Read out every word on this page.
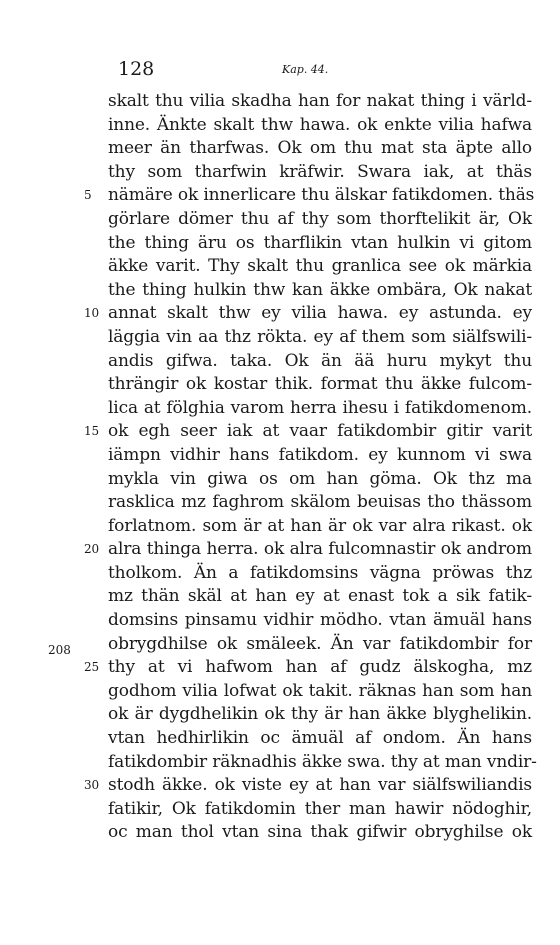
128	Kap. 44.
208
skalt thu vilia skadha han for nakat thing i värld-
inne. Änkte skalt thw hawa. ok enkte vilia hafwa
meer än tharfwas. Ok om thu mat sta äpte allo
thy som tharfwin kräfwir. Swara iak, at thäs
5 nämäre ok innerlicare thu älskar fatikdomen. thäs
görlare dömer thu af thy som thorftelikit är, Ok
the thing äru os tharflikin vtan hulkin vi gitom
äkke varit. Thy skalt thu granlica see ok märkia
the thing hulkin thw kan äkke ombära, Ok nakat
10 annat skalt thw ey vilia hawa. ey astunda. ey
läggia vin aa thz rökta. ey af them som siälfswili-
andis gifwa. taka. Ok än ää huru mykyt thu
thrängir ok kostar thik. format thu äkke fulcom-
lica at fölghia varom herra ihesu i fatikdomenom.
15 ok egh seer iak at vaar fatikdombir gitir varit
iämpn vidhir hans fatikdom. ey kunnom vi swa
mykla vin giwa os om han göma. Ok thz ma
rasklica mz faghrom skälom beuisas tho thässom
forlatnom. som är at han är ok var alra rikast. ok
20 alra thinga herra. ok alra fulcomnastir ok androm
tholkom. Än a fatikdomsins vägna pröwas thz
mz thän skäl at han ey at enast tok a sik fatik-
domsins pinsamu vidhir mödho. vtan ämuäl hans
obrygdhilse ok smäleek. Än var fatikdombir for
25 thy at vi hafwom han af gudz älskogha, mz
godhom vilia lofwat ok takit. räknas han som han
ok är dygdhelikin ok thy är han äkke blyghelikin.
vtan hedhirlikin oc ämuäl af ondom. Än hans
fatikdombir räknadhis äkke swa. thy at man vndir-
30 stodh äkke. ok viste ey at han var siälfswiliandis
fatikir, Ok fatikdomin ther man hawir nödoghir,
oc man thol vtan sina thak gifwir obryghilse ok
